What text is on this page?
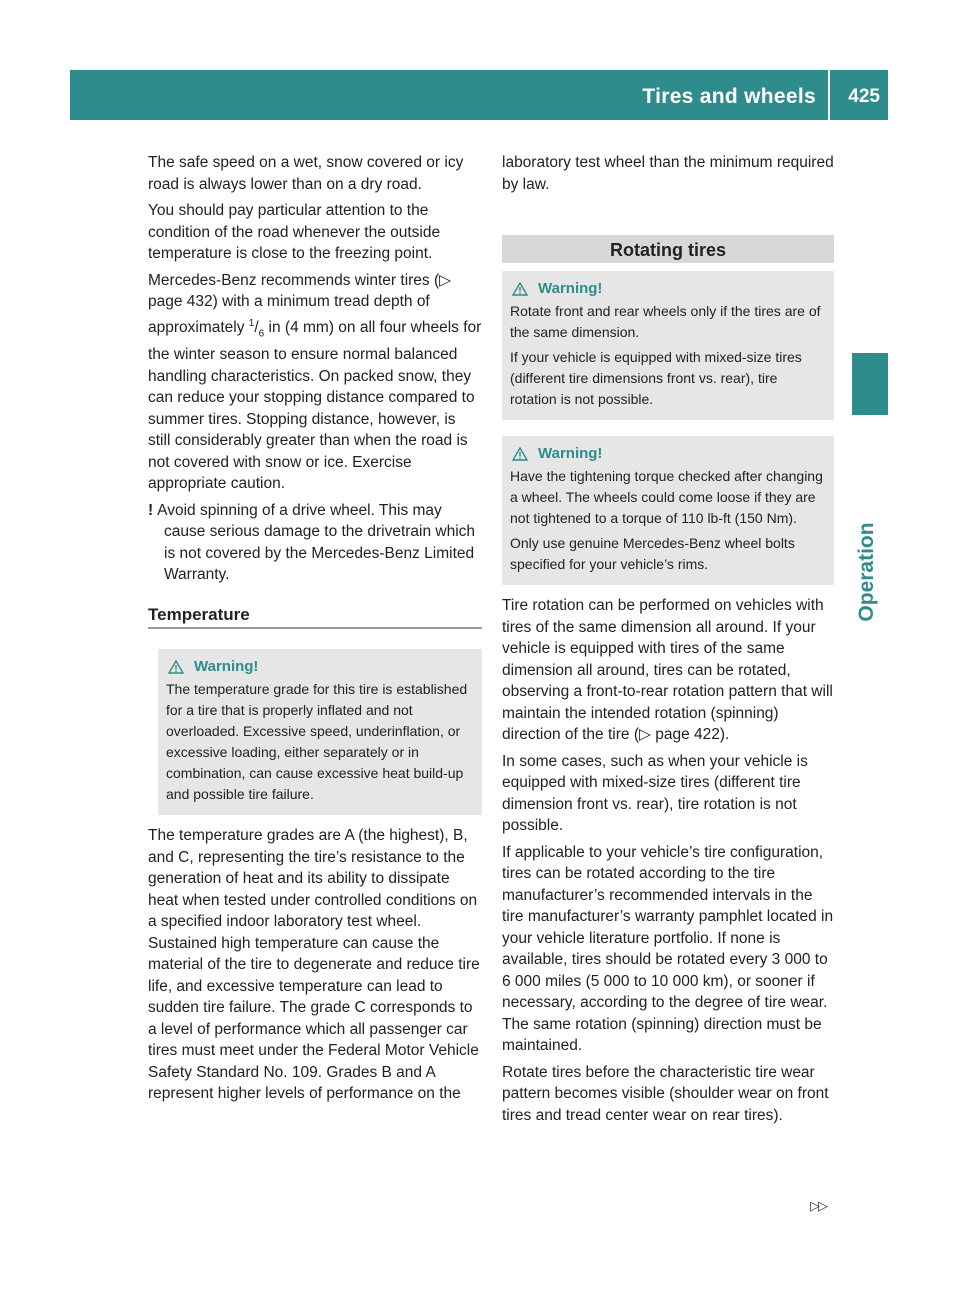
Tires and wheels 425
Operation

The safe speed on a wet, snow covered or icy road is always lower than on a dry road.

You should pay particular attention to the condition of the road whenever the outside temperature is close to the freezing point.

Mercedes-Benz recommends winter tires (▷ page 432) with a minimum tread depth of approximately $^1/_6$ in (4 mm) on all four wheels for the winter season to ensure normal balanced handling characteristics. On packed snow, they can reduce your stopping distance compared to summer tires. Stopping distance, however, is still considerably greater than when the road is not covered with snow or ice. Exercise appropriate caution.

! Avoid spinning of a drive wheel. This may cause serious damage to the drivetrain which is not covered by the Mercedes-Benz Limited Warranty.

Temperature
Warning!

The temperature grade for this tire is established for a tire that is properly inflated and not overloaded. Excessive speed, underinflation, or excessive loading, either separately or in combination, can cause excessive heat build-up and possible tire failure.

The temperature grades are A (the highest), B, and C, representing the tire’s resistance to the generation of heat and its ability to dissipate heat when tested under controlled conditions on a specified indoor laboratory test wheel. Sustained high temperature can cause the material of the tire to degenerate and reduce tire life, and excessive temperature can lead to sudden tire failure. The grade C corresponds to a level of performance which all passenger car tires must meet under the Federal Motor Vehicle Safety Standard No. 109. Grades B and A represent higher levels of performance on the

laboratory test wheel than the minimum required by law.

Rotating tires
Warning!

Rotate front and rear wheels only if the tires are of the same dimension.

If your vehicle is equipped with mixed-size tires (different tire dimensions front vs. rear), tire rotation is not possible.

Warning!

Have the tightening torque checked after changing a wheel. The wheels could come loose if they are not tightened to a torque of 110 lb-ft (150 Nm).

Only use genuine Mercedes-Benz wheel bolts specified for your vehicle’s rims.

Tire rotation can be performed on vehicles with tires of the same dimension all around. If your vehicle is equipped with tires of the same dimension all around, tires can be rotated, observing a front-to-rear rotation pattern that will maintain the intended rotation (spinning) direction of the tire (▷ page 422).

In some cases, such as when your vehicle is equipped with mixed-size tires (different tire dimension front vs. rear), tire rotation is not possible.

If applicable to your vehicle’s tire configuration, tires can be rotated according to the tire manufacturer’s recommended intervals in the tire manufacturer’s warranty pamphlet located in your vehicle literature portfolio. If none is available, tires should be rotated every 3 000 to 6 000 miles (5 000 to 10 000 km), or sooner if necessary, according to the degree of tire wear. The same rotation (spinning) direction must be maintained.

Rotate tires before the characteristic tire wear pattern becomes visible (shoulder wear on front tires and tread center wear on rear tires).

▷▷
